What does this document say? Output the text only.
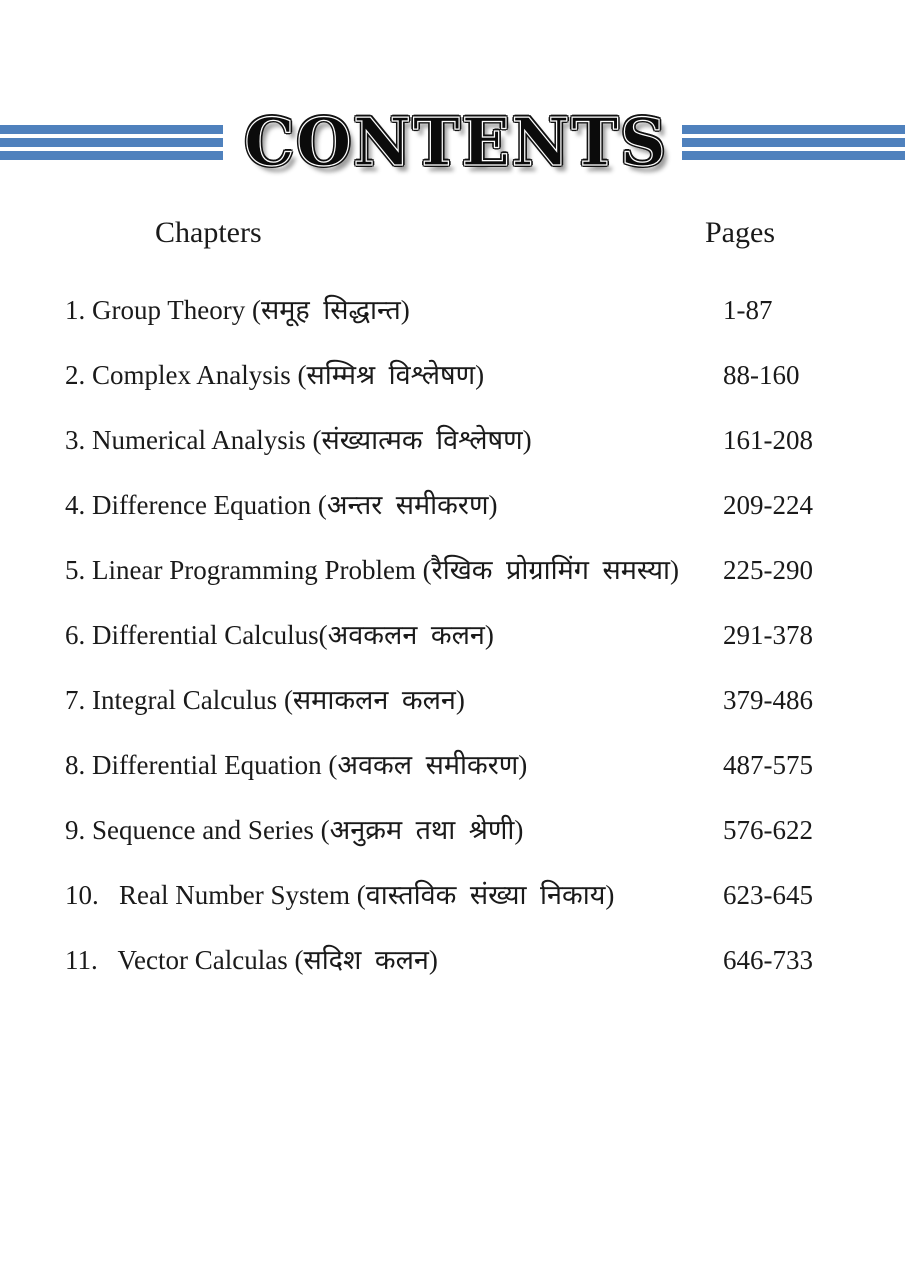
CONTENTS
Chapters	Pages
1. Group Theory (समूह  सिद्धान्त)	1-87
2. Complex Analysis (सम्मिश्र  विश्लेषण)	88-160
3. Numerical Analysis (संख्यात्मक  विश्लेषण)	161-208
4. Difference Equation (अन्तर  समीकरण)	209-224
5. Linear Programming Problem (रैखिक  प्रोग्रामिंग  समस्या)	225-290
6. Differential Calculus(अवकलन  कलन)	291-378
7. Integral Calculus (समाकलन  कलन)	379-486
8. Differential Equation (अवकल  समीकरण)	487-575
9. Sequence and Series (अनुक्रम  तथा  श्रेणी)	576-622
10.   Real Number System (वास्तविक  संख्या  निकाय)	623-645
11.   Vector Calculas (सदिश  कलन)	646-733
